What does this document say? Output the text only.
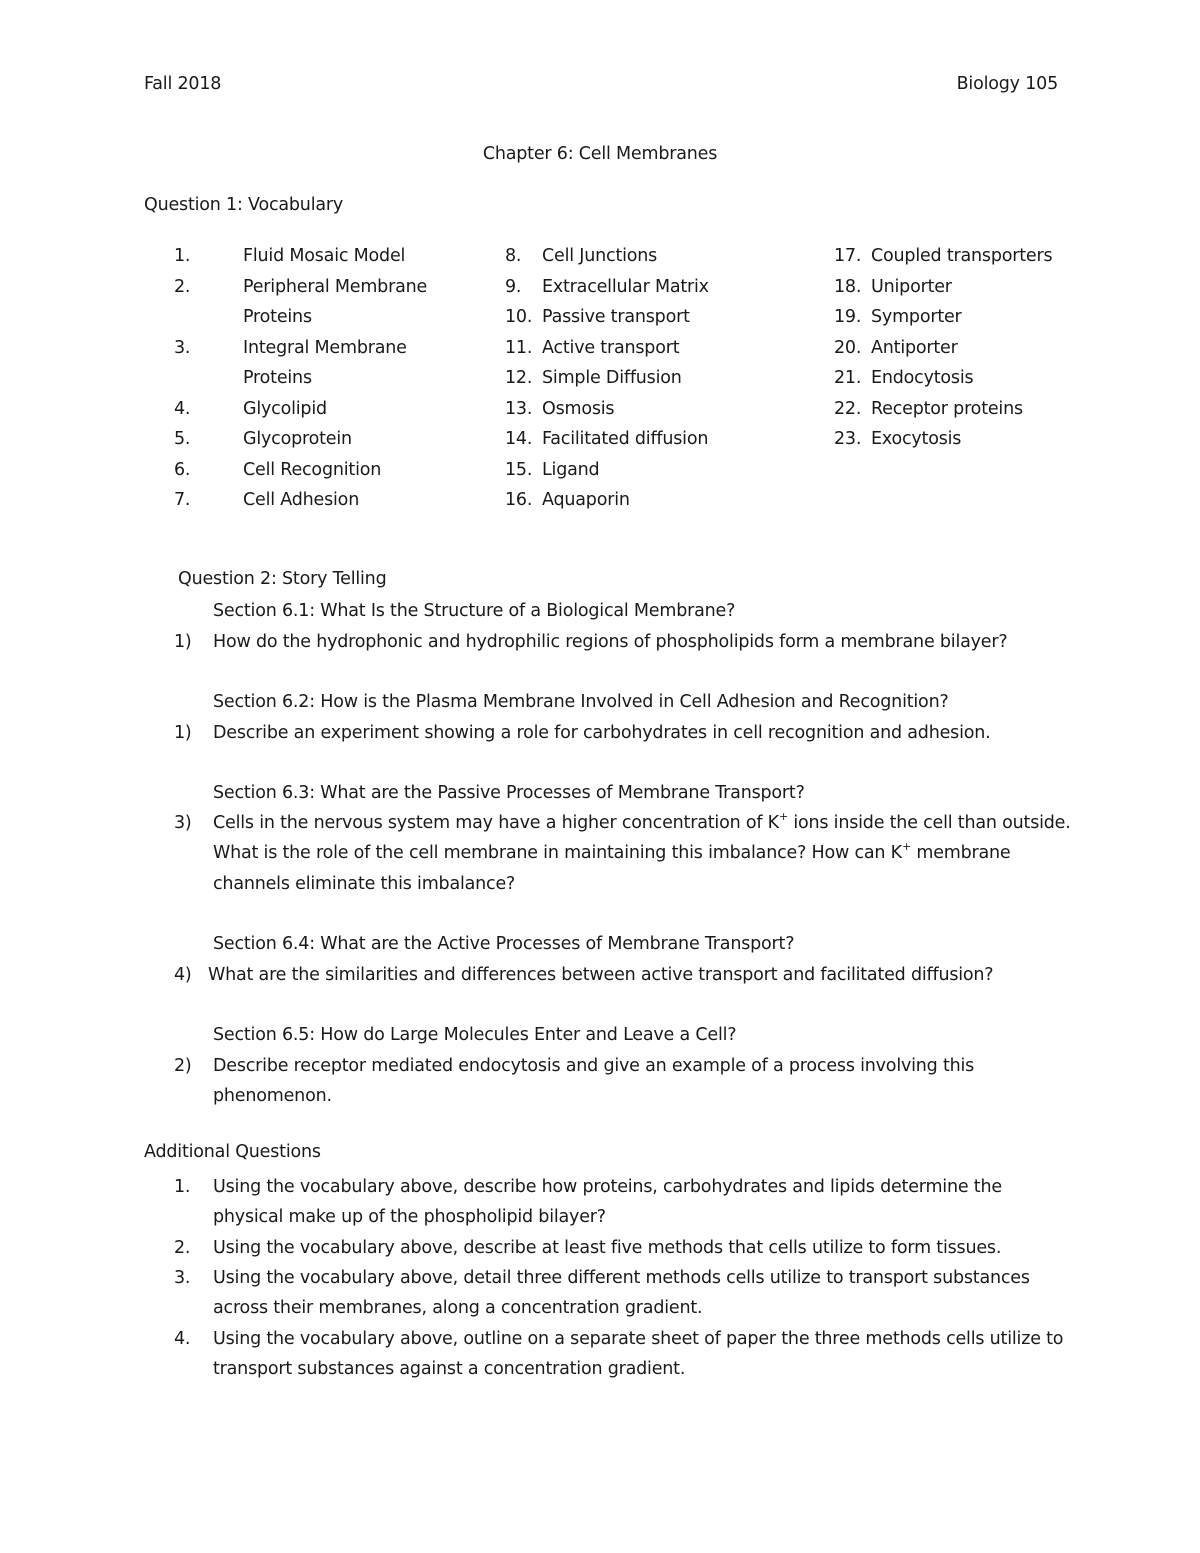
Fall 2018	Biology 105
Chapter 6: Cell Membranes
Question 1: Vocabulary
1.	Fluid Mosaic Model
2.	Peripheral Membrane Proteins
3.	Integral Membrane Proteins
4.	Glycolipid
5.	Glycoprotein
6.	Cell Recognition
7.	Cell Adhesion
8. Cell Junctions
9. Extracellular Matrix
10. Passive transport
11. Active transport
12. Simple Diffusion
13. Osmosis
14. Facilitated diffusion
15. Ligand
16. Aquaporin
17. Coupled transporters
18. Uniporter
19. Symporter
20. Antiporter
21. Endocytosis
22. Receptor proteins
23. Exocytosis
Question 2: Story Telling
Section 6.1: What Is the Structure of a Biological Membrane?
1) How do the hydrophonic and hydrophilic regions of phospholipids form a membrane bilayer?
Section 6.2: How is the Plasma Membrane Involved in Cell Adhesion and Recognition?
1) Describe an experiment showing a role for carbohydrates in cell recognition and adhesion.
Section 6.3: What are the Passive Processes of Membrane Transport?
3) Cells in the nervous system may have a higher concentration of K+ ions inside the cell than outside. What is the role of the cell membrane in maintaining this imbalance? How can K+ membrane channels eliminate this imbalance?
Section 6.4: What are the Active Processes of Membrane Transport?
4) What are the similarities and differences between active transport and facilitated diffusion?
Section 6.5: How do Large Molecules Enter and Leave a Cell?
2) Describe receptor mediated endocytosis and give an example of a process involving this phenomenon.
Additional Questions
1. Using the vocabulary above, describe how proteins, carbohydrates and lipids determine the physical make up of the phospholipid bilayer?
2. Using the vocabulary above, describe at least five methods that cells utilize to form tissues.
3. Using the vocabulary above, detail three different methods cells utilize to transport substances across their membranes, along a concentration gradient.
4. Using the vocabulary above, outline on a separate sheet of paper the three methods cells utilize to transport substances against a concentration gradient.
